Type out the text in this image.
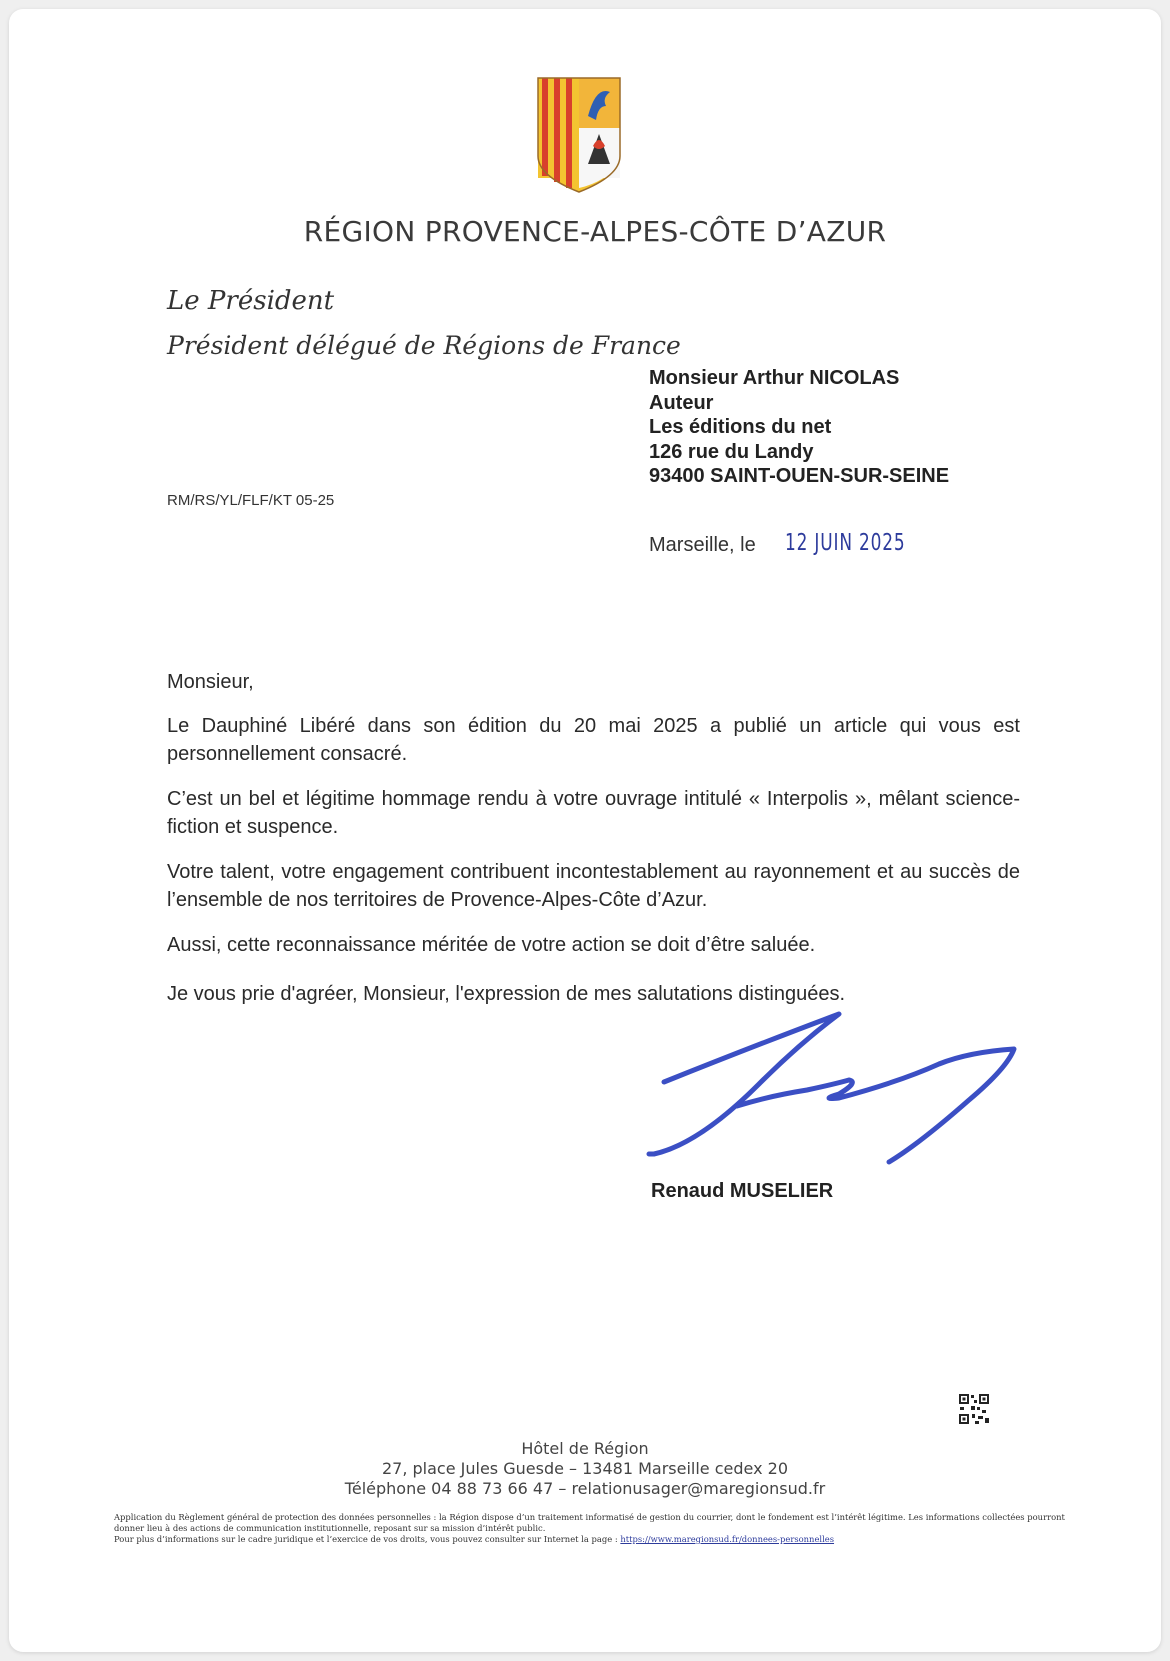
RÉGION PROVENCE-ALPES-CÔTE D’AZUR
Le Président
Président délégué de Régions de France
Monsieur Arthur NICOLAS
Auteur
Les éditions du net
126 rue du Landy
93400 SAINT-OUEN-SUR-SEINE
RM/RS/YL/FLF/KT 05-25
Marseille, le 12 JUIN 2025
Monsieur,
Le Dauphiné Libéré dans son édition du 20 mai 2025 a publié un article qui vous est personnellement consacré.
C’est un bel et légitime hommage rendu à votre ouvrage intitulé « Interpolis », mêlant science-fiction et suspence.
Votre talent, votre engagement contribuent incontestablement au rayonnement et au succès de l’ensemble de nos territoires de Provence-Alpes-Côte d’Azur.
Aussi, cette reconnaissance méritée de votre action se doit d’être saluée.
Je vous prie d'agréer, Monsieur, l'expression de mes salutations distinguées.
Renaud MUSELIER
Hôtel de Région
27, place Jules Guesde – 13481 Marseille cedex 20
Téléphone 04 88 73 66 47 – relationusager@maregionsud.fr
Application du Règlement général de protection des données personnelles : la Région dispose d’un traitement informatisé de gestion du courrier, dont le fondement est l’intérêt légitime. Les informations collectées pourront donner lieu à des actions de communication institutionnelle, reposant sur sa mission d’intérêt public.
Pour plus d’informations sur le cadre juridique et l’exercice de vos droits, vous pouvez consulter sur Internet la page : https://www.maregionsud.fr/donnees-personnelles
